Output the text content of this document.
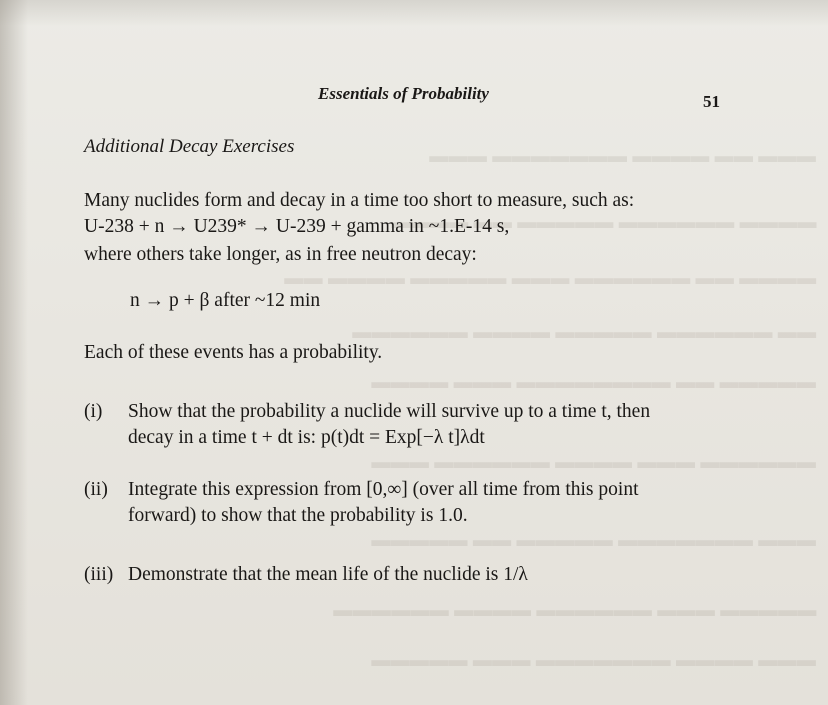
▬▬▬ ▬▬ ▬▬▬▬ ▬▬▬▬▬▬▬ ▬▬▬
▬▬▬▬ ▬▬▬▬▬▬ ▬▬▬▬▬ ▬▬ ▬▬▬▬
▬▬▬▬ ▬▬ ▬▬▬▬▬▬ ▬▬▬ ▬▬▬▬▬ ▬▬▬▬ ▬▬
▬▬ ▬▬▬▬▬▬ ▬▬▬▬▬ ▬▬▬▬ ▬▬▬▬▬▬
▬▬▬▬▬ ▬▬ ▬▬▬▬▬▬▬▬ ▬▬▬ ▬▬▬▬
▬▬▬▬▬▬ ▬▬▬ ▬▬▬▬ ▬▬▬▬▬▬ ▬▬▬
▬▬▬ ▬▬▬▬▬▬▬ ▬▬▬▬▬ ▬▬ ▬▬▬▬▬
▬▬▬▬▬ ▬▬▬ ▬▬▬▬▬▬ ▬▬▬▬ ▬▬▬▬▬▬
▬▬▬ ▬▬▬▬ ▬▬▬▬▬▬▬ ▬▬▬ ▬▬▬▬▬
Essentials of Probability	51
Additional Decay Exercises
Many nuclides form and decay in a time too short to measure, such as:
U-238 + n → U239* → U-239 + gamma in ~1.E-14 s,
where others take longer, as in free neutron decay:
n → p + β after ~12 min
Each of these events has a probability.
(i) Show that the probability a nuclide will survive up to a time t, then
decay in a time t + dt is: p(t)dt = Exp[−λ t]λdt
(ii) Integrate this expression from [0,∞] (over all time from this point
forward) to show that the probability is 1.0.
(iii) Demonstrate that the mean life of the nuclide is 1/λ
